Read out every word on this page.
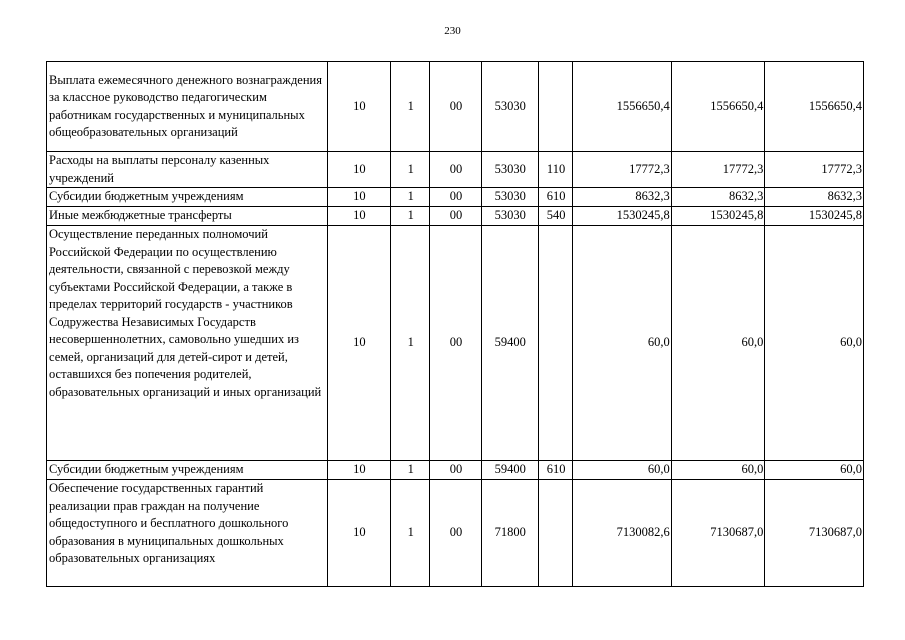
230
Выплата ежемесячного денежного вознаграждения за классное руководство педагогическим работникам государственных и муниципальных общеобразовательных организаций	10	1	00	53030		1556650,4	1556650,4	1556650,4
Расходы на выплаты персоналу казенных учреждений	10	1	00	53030	110	17772,3	17772,3	17772,3
Субсидии бюджетным учреждениям	10	1	00	53030	610	8632,3	8632,3	8632,3
Иные межбюджетные трансферты	10	1	00	53030	540	1530245,8	1530245,8	1530245,8
Осуществление переданных полномочий Российской Федерации по осуществлению деятельности, связанной с перевозкой между субъектами Российской Федерации, а также в пределах территорий государств - участников Содружества Независимых Государств несовершеннолетних, самовольно ушедших из семей, организаций для детей-сирот и детей, оставшихся без попечения родителей, образовательных организаций и иных организаций	10	1	00	59400		60,0	60,0	60,0
Субсидии бюджетным учреждениям	10	1	00	59400	610	60,0	60,0	60,0
Обеспечение государственных гарантий реализации прав граждан на получение общедоступного и бесплатного дошкольного образования в муниципальных дошкольных образовательных организациях	10	1	00	71800		7130082,6	7130687,0	7130687,0
